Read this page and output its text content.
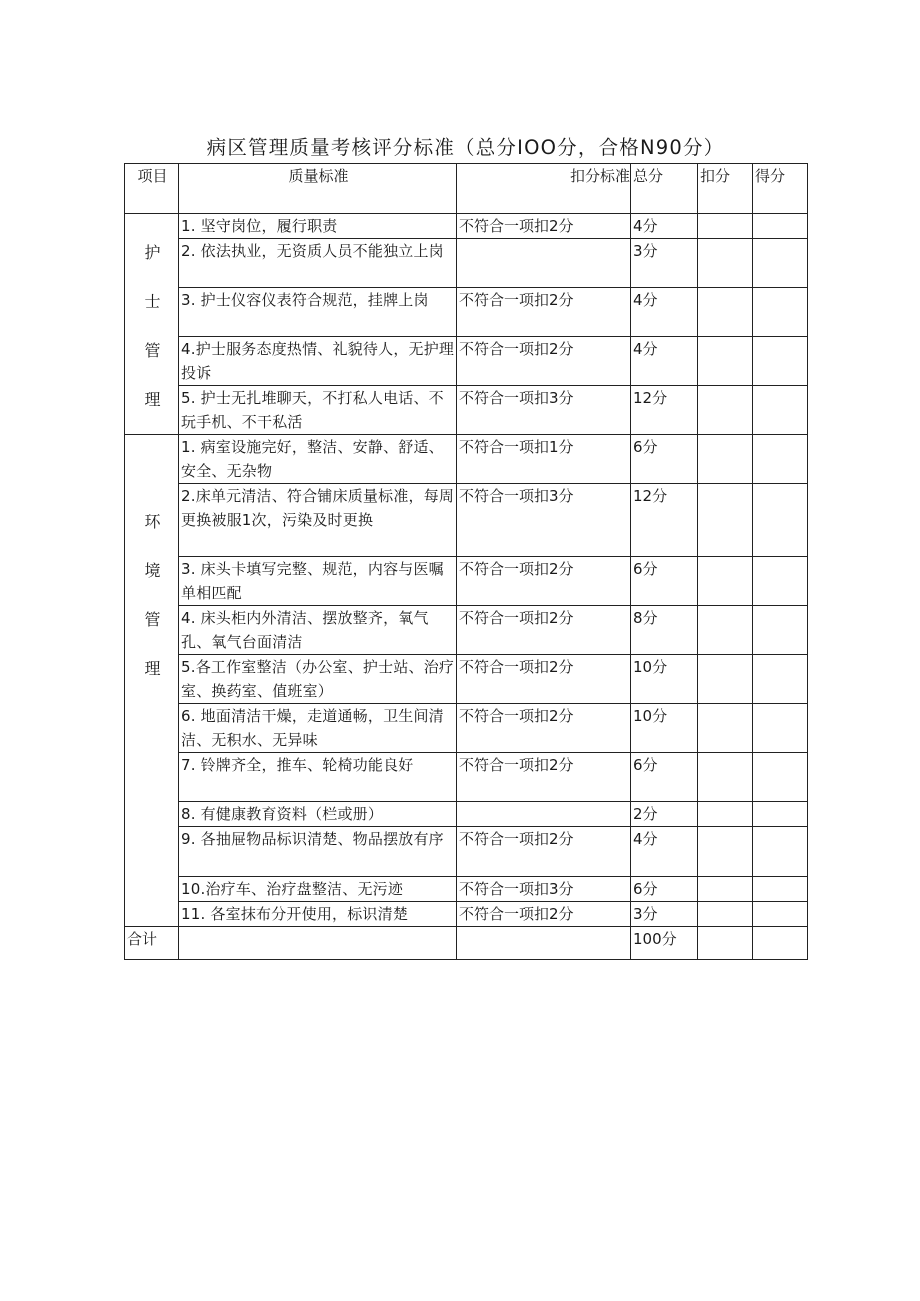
病区管理质量考核评分标准（总分IOO分，合格N90分）
项目	质量标准	扣分标准	总分	扣分	得分

护
士
管
理	1. 坚守岗位，履行职责	不符合一项扣2分	4分		
	2. 依法执业，无资质人员不能独立上岗		3分		
	3. 护士仪容仪表符合规范，挂牌上岗	不符合一项扣2分	4分		
	4.护士服务态度热情、礼貌待人，无护理投诉	不符合一项扣2分	4分		
	5. 护士无扎堆聊天，不打私人电话、不玩手机、不干私活	不符合一项扣3分	12分		

环
境
管
理	1. 病室设施完好，整洁、安静、舒适、安全、无杂物	不符合一项扣1分	6分		
	2.床单元清洁、符合铺床质量标准，每周更换被服1次，污染及时更换	不符合一项扣3分	12分		
	3. 床头卡填写完整、规范，内容与医嘱单相匹配	不符合一项扣2分	6分		
	4. 床头柜内外清洁、摆放整齐，氧气孔、氧气台面清洁	不符合一项扣2分	8分		
	5.各工作室整洁（办公室、护士站、治疗室、换药室、值班室）	不符合一项扣2分	10分		
	6. 地面清洁干燥，走道通畅，卫生间清洁、无积水、无异味	不符合一项扣2分	10分		
	7. 铃牌齐全，推车、轮椅功能良好	不符合一项扣2分	6分		
	8. 有健康教育资料（栏或册）		2分		
	9. 各抽屉物品标识清楚、物品摆放有序	不符合一项扣2分	4分		
	10.治疗车、治疗盘整洁、无污迹	不符合一项扣3分	6分		
	11. 各室抹布分开使用，标识清楚	不符合一项扣2分	3分		
合计			100分		
